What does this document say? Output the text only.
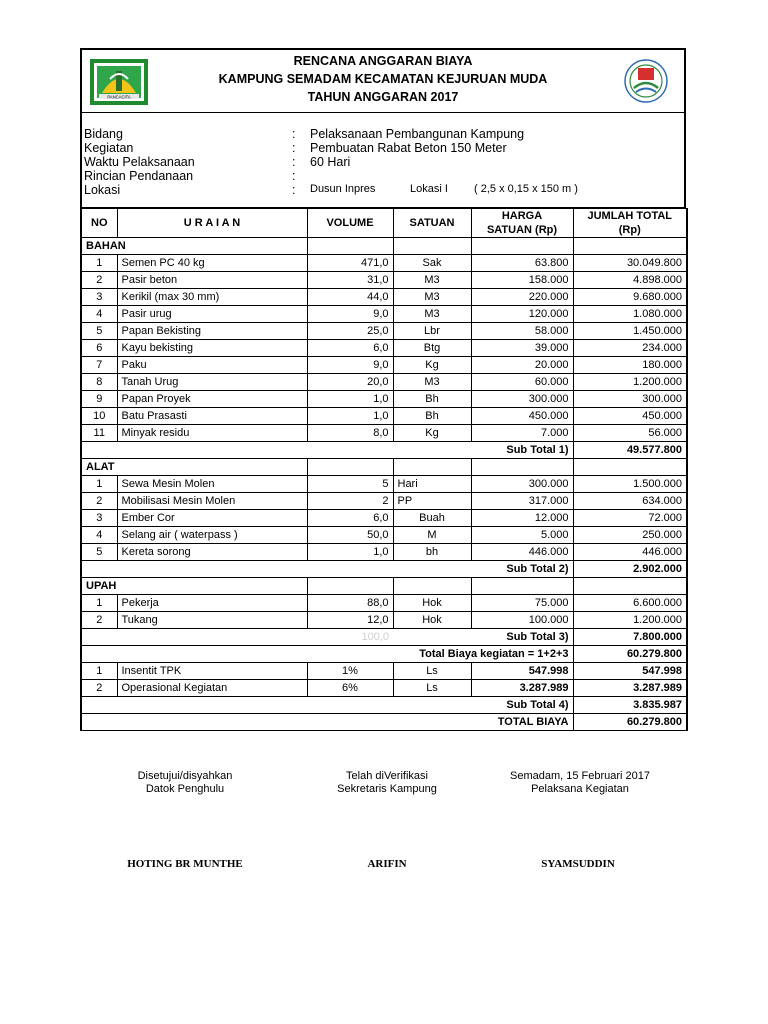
PANCACITA
RENCANA ANGGARAN BIAYA
KAMPUNG SEMADAM KECAMATAN KEJURUAN MUDA
TAHUN ANGGARAN 2017
Bidang	: Pelaksanaan Pembangunan Kampung
Kegiatan	: Pembuatan Rabat Beton 150 Meter
Waktu Pelaksanaan	: 60 Hari
Rincian Pendanaan	:
Lokasi	: Dusun Inpres	Lokasi I ( 2,5 x 0,15 x 150 m )
NO	U R A I A N	VOLUME	SATUAN	HARGA
SATUAN (Rp)	JUMLAH TOTAL
(Rp)
BAHAN					
1	Semen PC 40 kg	471,0	Sak	63.800	30.049.800
2	Pasir beton	31,0	M3	158.000	4.898.000
3	Kerikil (max 30 mm)	44,0	M3	220.000	9.680.000
4	Pasir urug	9,0	M3	120.000	1.080.000
5	Papan Bekisting	25,0	Lbr	58.000	1.450.000
6	Kayu bekisting	6,0	Btg	39.000	234.000
7	Paku	9,0	Kg	20.000	180.000
8	Tanah Urug	20,0	M3	60.000	1.200.000
9	Papan Proyek	1,0	Bh	300.000	300.000
10	Batu Prasasti	1,0	Bh	450.000	450.000
11	Minyak residu	8,0	Kg	7.000	56.000
Sub Total 1)					49.577.800
ALAT					
1	Sewa Mesin Molen	5	Hari	300.000	1.500.000
2	Mobilisasi Mesin Molen	2	PP	317.000	634.000
3	Ember Cor	6,0	Buah	12.000	72.000
4	Selang air ( waterpass )	50,0	M	5.000	250.000
5	Kereta sorong	1,0	bh	446.000	446.000
Sub Total 2)					2.902.000
UPAH					
1	Pekerja	88,0	Hok	75.000	6.600.000
2	Tukang	12,0	Hok	100.000	1.200.000
		100,0	Sub Total 3)		7.800.000
Total Biaya kegiatan = 1+2+3					60.279.800
1	Insentit TPK	1%	Ls	547.998	547.998
2	Operasional Kegiatan	6%	Ls	3.287.989	3.287.989
Sub Total 4)					3.835.987
TOTAL BIAYA					60.279.800
Disetujui/disyahkan
Datok Penghulu
Telah diVerifikasi
Sekretaris Kampung
Semadam, 15 Februari 2017
Pelaksana Kegiatan
HOTING BR MUNTHE	ARIFIN	SYAMSUDDIN
